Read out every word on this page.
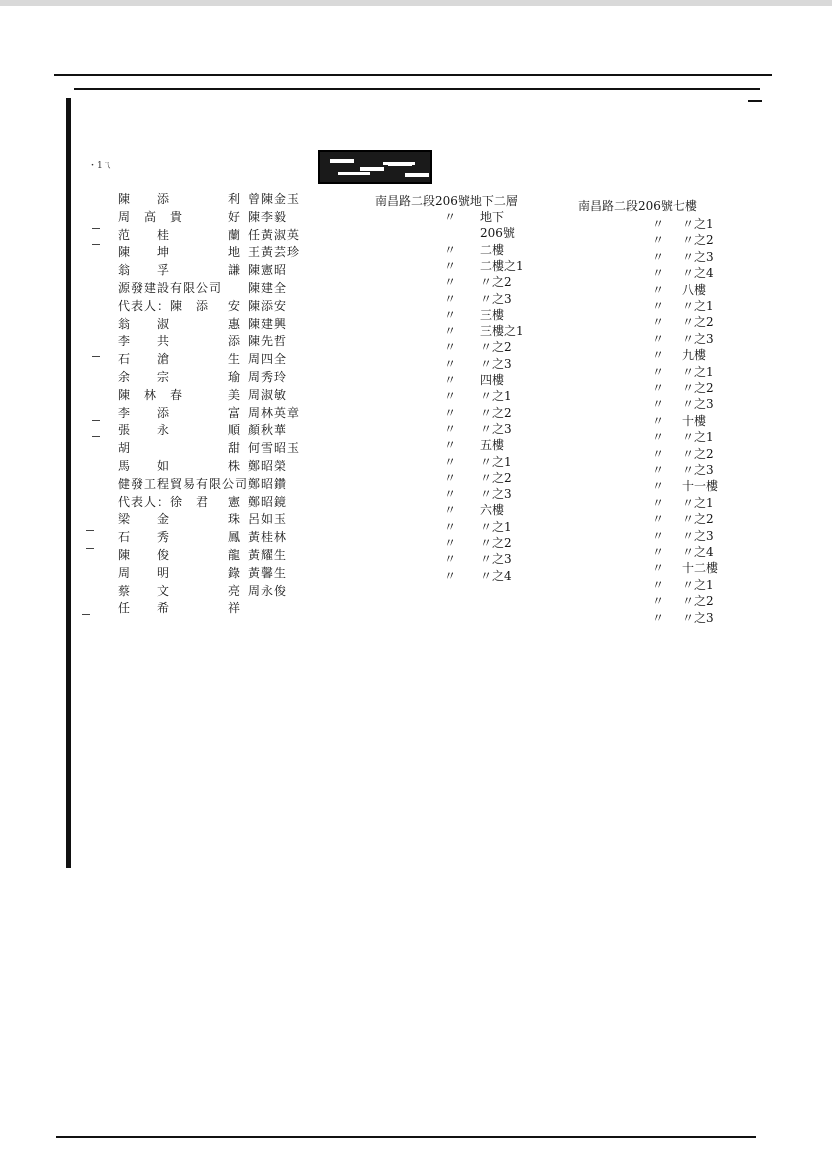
・1ㄟ
陳　　添	利 曾陳金玉
周　高　貴	好 陳李毅
范　　桂	蘭 任黃淑英
陳　　坤	地 王黃芸珍
翁　　孚	謙 陳憲昭
源發建設有限公司 陳建全
代表人：陳　添 安 陳添安
翁　　淑	惠 陳建興
李　　共	添 陳先哲
石　　滄	生 周四全
余　　宗	瑜 周秀玲
陳　林　春	美 周淑敏
李　　添	富 周林英章
張　　永	順 顏秋華
胡	甜 何雪昭玉
馬　　如	株 鄭昭榮
健發工程貿易有限公司 鄭昭鑽
代表人：徐　君 憲 鄭昭鏡
梁　　金	珠 呂如玉
石　　秀	鳳 黃桂林
陳　　俊	龍 黃耀生
周　　明	錄 黃馨生
蔡　　文	亮 周永俊
任　　希	祥
南昌路二段206號地下二層
〃 地下
206號
〃 二樓
〃 二樓之1
〃 〃之2
〃 〃之3
〃 三樓
〃 三樓之1
〃 〃之2
〃 〃之3
〃 四樓
〃 〃之1
〃 〃之2
〃 〃之3
〃 五樓
〃 〃之1
〃 〃之2
〃 〃之3
〃 六樓
〃 〃之1
〃 〃之2
〃 〃之3
〃 〃之4
南昌路二段206號七樓
〃 〃之1
〃 〃之2
〃 〃之3
〃 〃之4
〃 八樓
〃 〃之1
〃 〃之2
〃 〃之3
〃 九樓
〃 〃之1
〃 〃之2
〃 〃之3
〃 十樓
〃 〃之1
〃 〃之2
〃 〃之3
〃 十一樓
〃 〃之1
〃 〃之2
〃 〃之3
〃 〃之4
〃 十二樓
〃 〃之1
〃 〃之2
〃 〃之3
